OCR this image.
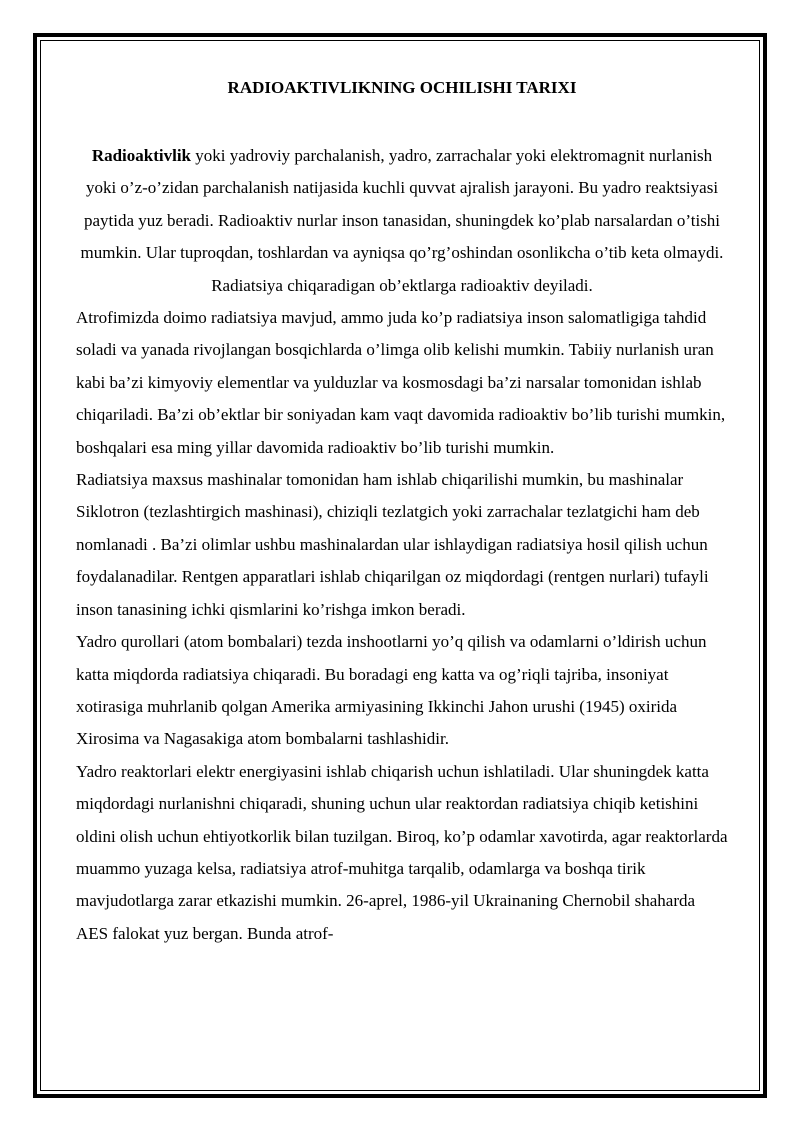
RADIOAKTIVLIKNING OCHILISHI TARIXI

Radioaktivlik yoki yadroviy parchalanish, yadro, zarrachalar yoki elektromagnit nurlanish yoki o’z-o’zidan parchalanish natijasida kuchli quvvat ajralish jarayoni. Bu yadro reaktsiyasi paytida yuz beradi. Radioaktiv nurlar inson tanasidan, shuningdek ko’plab narsalardan o’tishi mumkin. Ular tuproqdan, toshlardan va ayniqsa qo’rg’oshindan osonlikcha o’tib keta olmaydi. Radiatsiya chiqaradigan ob’ektlarga radioaktiv deyiladi.

Atrofimizda doimo radiatsiya mavjud, ammo juda ko’p radiatsiya inson salomatligiga tahdid soladi va yanada rivojlangan bosqichlarda o’limga olib kelishi mumkin. Tabiiy nurlanish uran kabi ba’zi kimyoviy elementlar va yulduzlar va kosmosdagi ba’zi narsalar tomonidan ishlab chiqariladi. Ba’zi ob’ektlar bir soniyadan kam vaqt davomida radioaktiv bo’lib turishi mumkin, boshqalari esa ming yillar davomida radioaktiv bo’lib turishi mumkin.

Radiatsiya maxsus mashinalar tomonidan ham ishlab chiqarilishi mumkin, bu mashinalar Siklotron (tezlashtirgich mashinasi), chiziqli tezlatgich yoki zarrachalar tezlatgichi ham deb nomlanadi . Ba’zi olimlar ushbu mashinalardan ular ishlaydigan radiatsiya hosil qilish uchun foydalanadilar. Rentgen apparatlari ishlab chiqarilgan oz miqdordagi (rentgen nurlari) tufayli inson tanasining ichki qismlarini ko’rishga imkon beradi.

Yadro qurollari (atom bombalari) tezda inshootlarni yo’q qilish va odamlarni o’ldirish uchun katta miqdorda radiatsiya chiqaradi. Bu boradagi eng katta va og’riqli tajriba, insoniyat xotirasiga muhrlanib qolgan Amerika armiyasining Ikkinchi Jahon urushi (1945) oxirida Xirosima va Nagasakiga atom bombalarni tashlashidir.

Yadro reaktorlari elektr energiyasini ishlab chiqarish uchun ishlatiladi. Ular shuningdek katta miqdordagi nurlanishni chiqaradi, shuning uchun ular reaktordan radiatsiya chiqib ketishini oldini olish uchun ehtiyotkorlik bilan tuzilgan. Biroq, ko’p odamlar xavotirda, agar reaktorlarda muammo yuzaga kelsa, radiatsiya atrof-muhitga tarqalib, odamlarga va boshqa tirik mavjudotlarga zarar etkazishi mumkin. 26-aprel, 1986-yil Ukrainaning Chernobil shaharda AES falokat yuz bergan. Bunda atrof-
